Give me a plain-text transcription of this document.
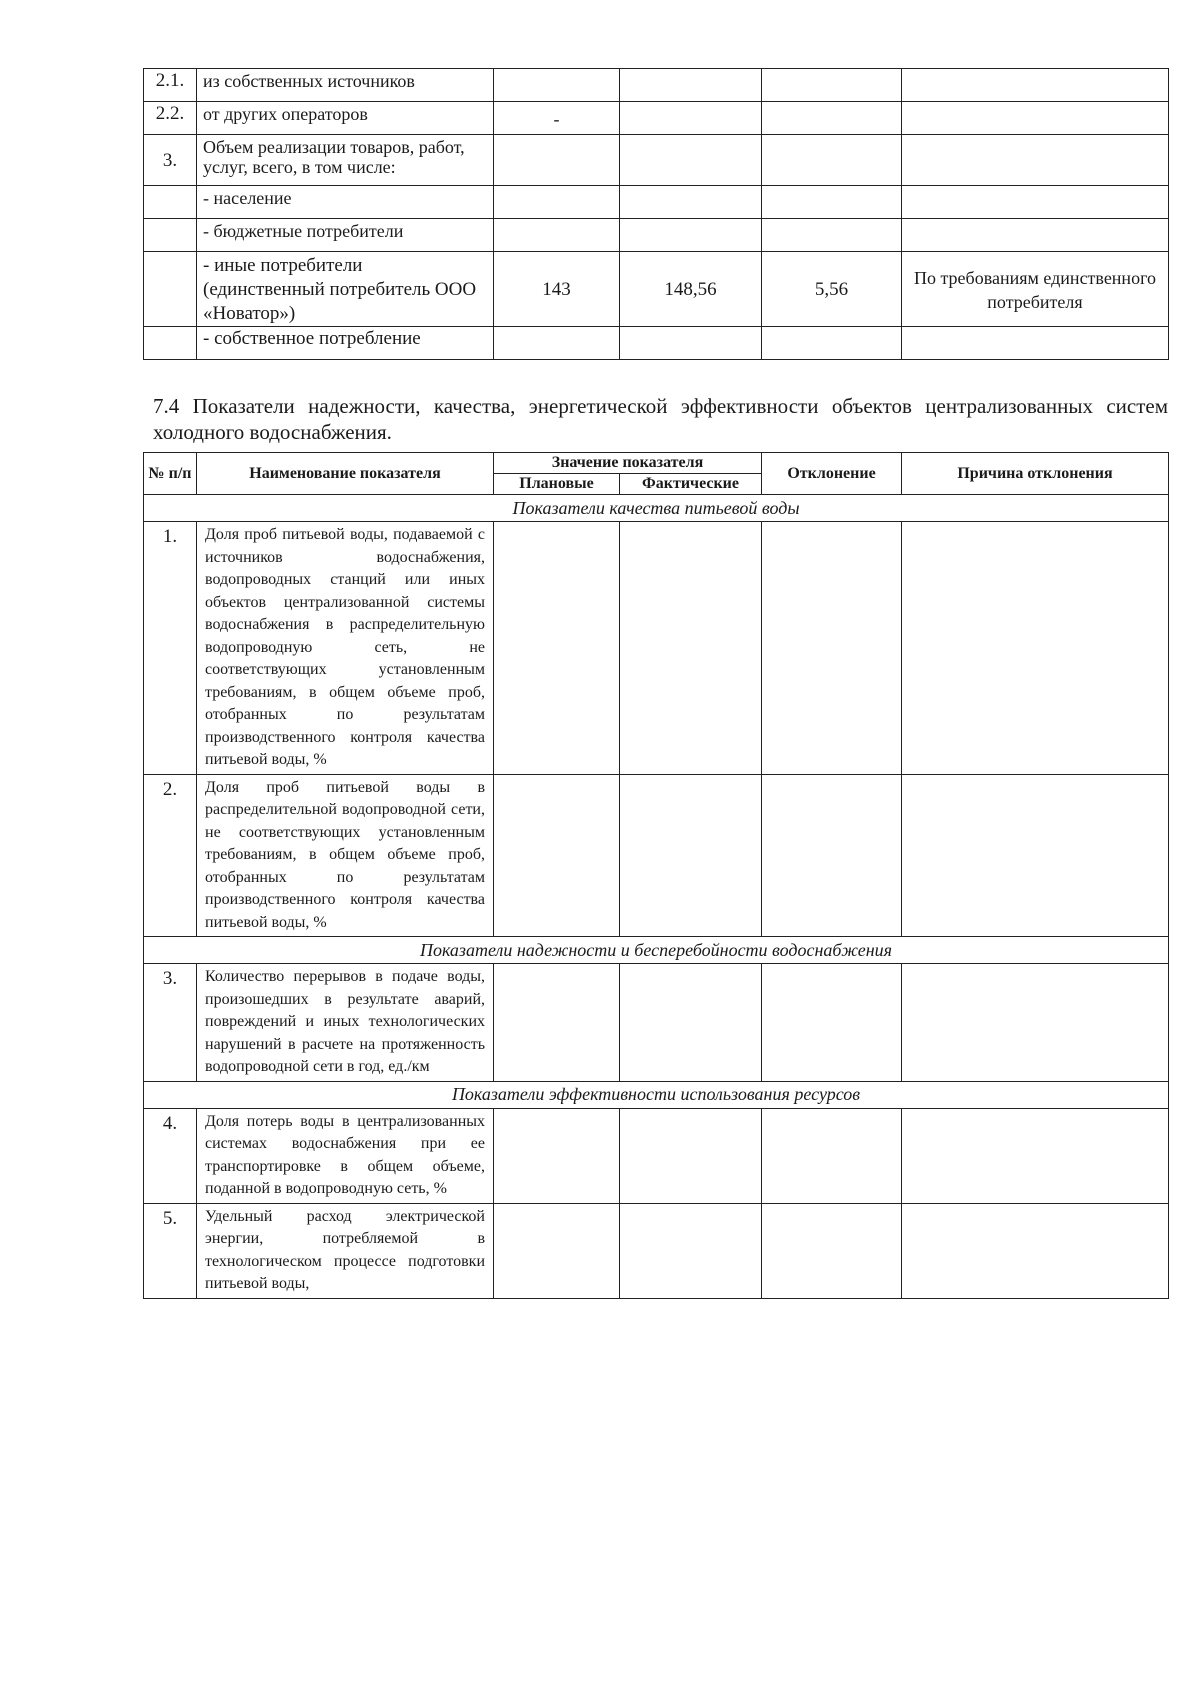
2.1.	из собственных источников				
2.2.	от других операторов	-			
3.	Объем реализации товаров, работ, услуг, всего, в том числе:				
	- население				
	- бюджетные потребители				
	- иные потребители (единственный потребитель ООО «Новатор»)	143	148,56	5,56	По требованиям единственного потребителя
	- собственное потребление				
7.4 Показатели надежности, качества, энергетической эффективности объектов централизованных систем холодного водоснабжения.
№ п/п	Наименование показателя	Значение показателя		Отклонение	Причина отклонения
		Плановые	Фактические		
Показатели качества питьевой воды					
1.	Доля проб питьевой воды, подаваемой с источников водоснабжения, водопроводных станций или иных объектов централизованной системы водоснабжения в распределительную водопроводную сеть, не соответствующих установленным требованиям, в общем объеме проб, отобранных по результатам производственного контроля качества питьевой воды, %				
2.	Доля проб питьевой воды в распределительной водопроводной сети, не соответствующих установленным требованиям, в общем объеме проб, отобранных по результатам производственного контроля качества питьевой воды, %				
Показатели надежности и бесперебойности водоснабжения					
3.	Количество перерывов в подаче воды, произошедших в результате аварий, повреждений и иных технологических нарушений в расчете на протяженность водопроводной сети в год, ед./км				
Показатели эффективности использования ресурсов					
4.	Доля потерь воды в централизованных системах водоснабжения при ее транспортировке в общем объеме, поданной в водопроводную сеть, %				
5.	Удельный расход электрической энергии, потребляемой в технологическом процессе подготовки питьевой воды,				
